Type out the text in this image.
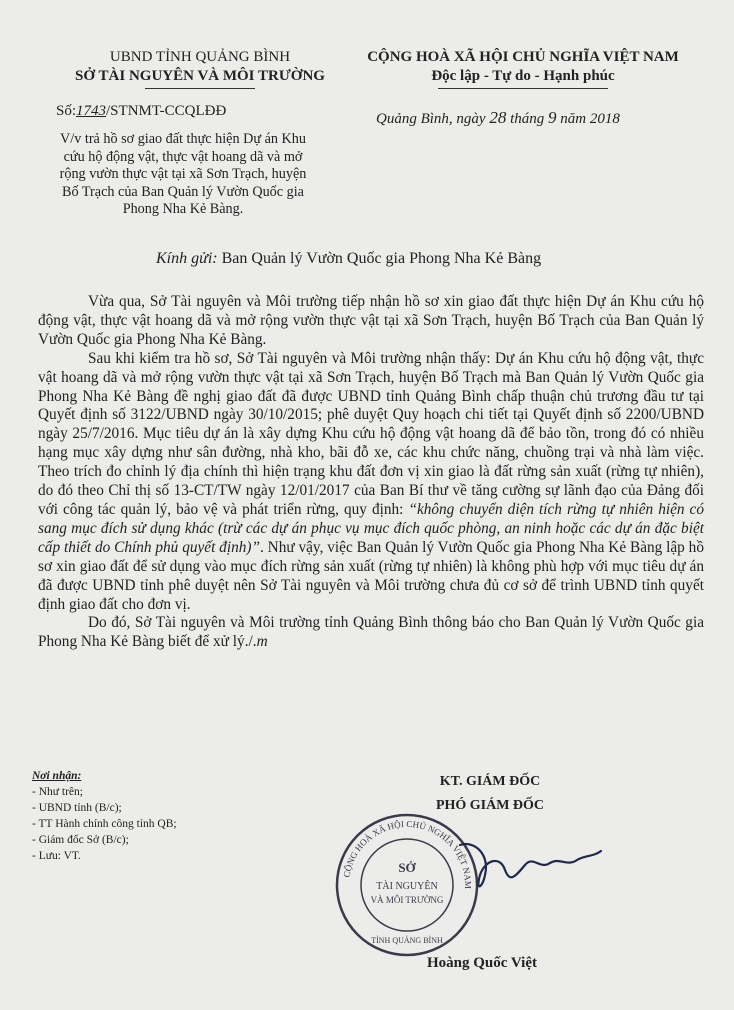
UBND TỈNH QUẢNG BÌNH
SỞ TÀI NGUYÊN VÀ MÔI TRƯỜNG
CỘNG HOÀ XÃ HỘI CHỦ NGHĨA VIỆT NAM
Độc lập - Tự do - Hạnh phúc
Số:1743/STNMT-CCQLĐĐ	Quảng Bình, ngày 28 tháng 9 năm 2018
V/v trả hồ sơ giao đất thực hiện Dự án Khu cứu hộ động vật, thực vật hoang dã và mở rộng vườn thực vật tại xã Sơn Trạch, huyện Bố Trạch của Ban Quản lý Vườn Quốc gia Phong Nha Kẻ Bàng.
Kính gửi: Ban Quản lý Vườn Quốc gia Phong Nha Kẻ Bàng

Vừa qua, Sở Tài nguyên và Môi trường tiếp nhận hồ sơ xin giao đất thực hiện Dự án Khu cứu hộ động vật, thực vật hoang dã và mở rộng vườn thực vật tại xã Sơn Trạch, huyện Bố Trạch của Ban Quản lý Vườn Quốc gia Phong Nha Kẻ Bàng.

Sau khi kiểm tra hồ sơ, Sở Tài nguyên và Môi trường nhận thấy: Dự án Khu cứu hộ động vật, thực vật hoang dã và mở rộng vườn thực vật tại xã Sơn Trạch, huyện Bố Trạch mà Ban Quản lý Vườn Quốc gia Phong Nha Kẻ Bàng đề nghị giao đất đã được UBND tỉnh Quảng Bình chấp thuận chủ trương đầu tư tại Quyết định số 3122/UBND ngày 30/10/2015; phê duyệt Quy hoạch chi tiết tại Quyết định số 2200/UBND ngày 25/7/2016. Mục tiêu dự án là xây dựng Khu cứu hộ động vật hoang dã để bảo tồn, trong đó có nhiều hạng mục xây dựng như sân đường, nhà kho, bãi đỗ xe, các khu chức năng, chuồng trại và nhà làm việc. Theo trích đo chỉnh lý địa chính thì hiện trạng khu đất đơn vị xin giao là đất rừng sản xuất (rừng tự nhiên), do đó theo Chỉ thị số 13-CT/TW ngày 12/01/2017 của Ban Bí thư về tăng cường sự lãnh đạo của Đảng đối với công tác quản lý, bảo vệ và phát triển rừng, quy định: “không chuyển diện tích rừng tự nhiên hiện có sang mục đích sử dụng khác (trừ các dự án phục vụ mục đích quốc phòng, an ninh hoặc các dự án đặc biệt cấp thiết do Chính phủ quyết định)”. Như vậy, việc Ban Quản lý Vườn Quốc gia Phong Nha Kẻ Bàng lập hồ sơ xin giao đất để sử dụng vào mục đích rừng sản xuất (rừng tự nhiên) là không phù hợp với mục tiêu dự án đã được UBND tỉnh phê duyệt nên Sở Tài nguyên và Môi trường chưa đủ cơ sở để trình UBND tỉnh quyết định giao đất cho đơn vị.

Do đó, Sở Tài nguyên và Môi trường tỉnh Quảng Bình thông báo cho Ban Quản lý Vườn Quốc gia Phong Nha Kẻ Bàng biết để xử lý./.m

Nơi nhận:
- Như trên;
- UBND tỉnh (B/c);
- TT Hành chính công tỉnh QB;
- Giám đốc Sở (B/c);
- Lưu: VT.
KT. GIÁM ĐỐC
PHÓ GIÁM ĐỐC
CỘNG HOÀ XÃ HỘI CHỦ NGHĨA VIỆT NAM
SỞ
TÀI NGUYÊN
VÀ MÔI TRƯỜNG
TỈNH QUẢNG BÌNH
Hoàng Quốc Việt
